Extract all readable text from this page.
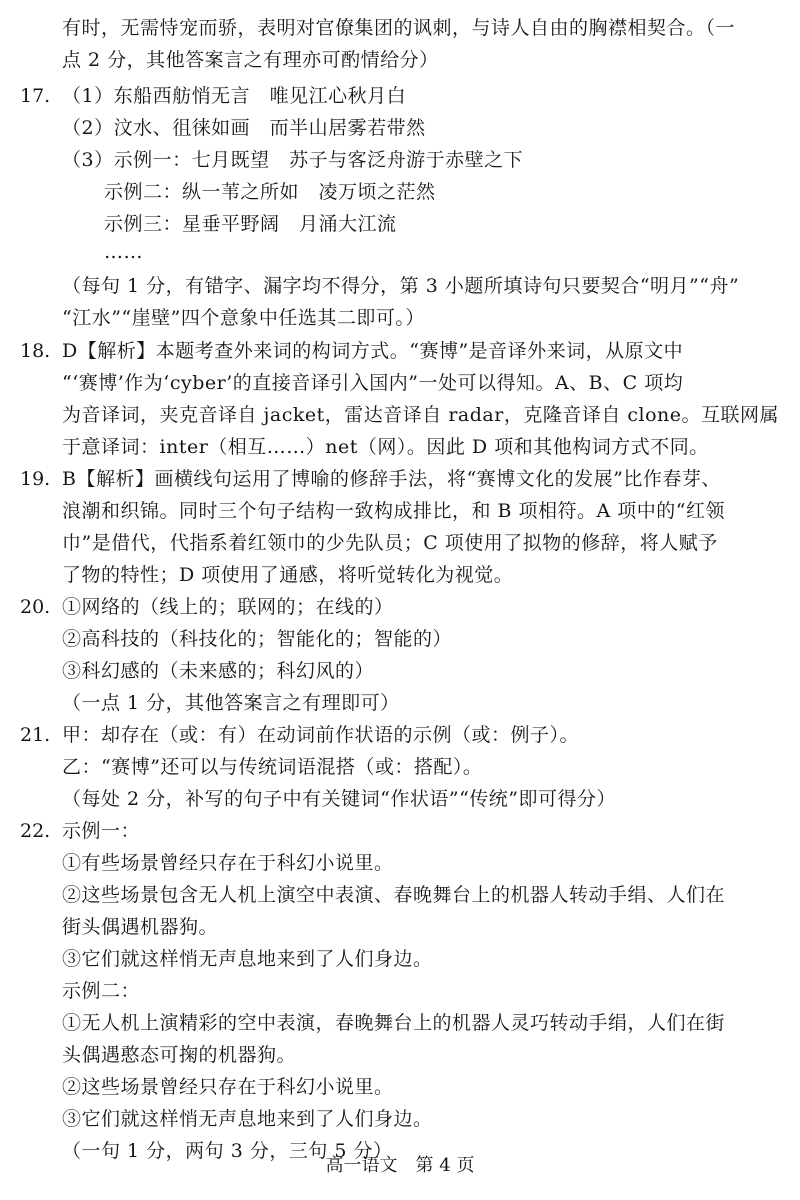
17.
18.
19.
20.
21.
22.
有时，无需恃宠而骄，表明对官僚集团的讽刺，与诗人自由的胸襟相契合。（一
点 2 分，其他答案言之有理亦可酌情给分）
（1）东船西舫悄无言　唯见江心秋月白
（2）汶水、徂徕如画　而半山居雾若带然
（3）示例一：七月既望　苏子与客泛舟游于赤壁之下
示例二：纵一苇之所如　凌万顷之茫然
示例三：星垂平野阔　月涌大江流
……
（每句 1 分，有错字、漏字均不得分，第 3 小题所填诗句只要契合“明月”“舟”
“江水”“崖壁”四个意象中任选其二即可。）
D【解析】本题考查外来词的构词方式。“赛博”是音译外来词，从原文中
“‘赛博’作为‘cyber’的直接音译引入国内”一处可以得知。A、B、C 项均
为音译词，夹克音译自 jacket，雷达音译自 radar，克隆音译自 clone。互联网属
于意译词：inter（相互……）net（网）。因此 D 项和其他构词方式不同。
B【解析】画横线句运用了博喻的修辞手法，将“赛博文化的发展”比作春芽、
浪潮和织锦。同时三个句子结构一致构成排比，和 B 项相符。A 项中的“红领
巾”是借代，代指系着红领巾的少先队员；C 项使用了拟物的修辞，将人赋予
了物的特性；D 项使用了通感，将听觉转化为视觉。
①网络的（线上的；联网的；在线的）
②高科技的（科技化的；智能化的；智能的）
③科幻感的（未来感的；科幻风的）
（一点 1 分，其他答案言之有理即可）
甲：却存在（或：有）在动词前作状语的示例（或：例子）。
乙：“赛博”还可以与传统词语混搭（或：搭配）。
（每处 2 分，补写的句子中有关键词“作状语”“传统”即可得分）
示例一：
①有些场景曾经只存在于科幻小说里。
②这些场景包含无人机上演空中表演、春晚舞台上的机器人转动手绢、人们在
街头偶遇机器狗。
③它们就这样悄无声息地来到了人们身边。
示例二：
①无人机上演精彩的空中表演，春晚舞台上的机器人灵巧转动手绢，人们在街
头偶遇憨态可掬的机器狗。
②这些场景曾经只存在于科幻小说里。
③它们就这样悄无声息地来到了人们身边。
（一句 1 分，两句 3 分，三句 5 分）
高一语文　第 4 页
